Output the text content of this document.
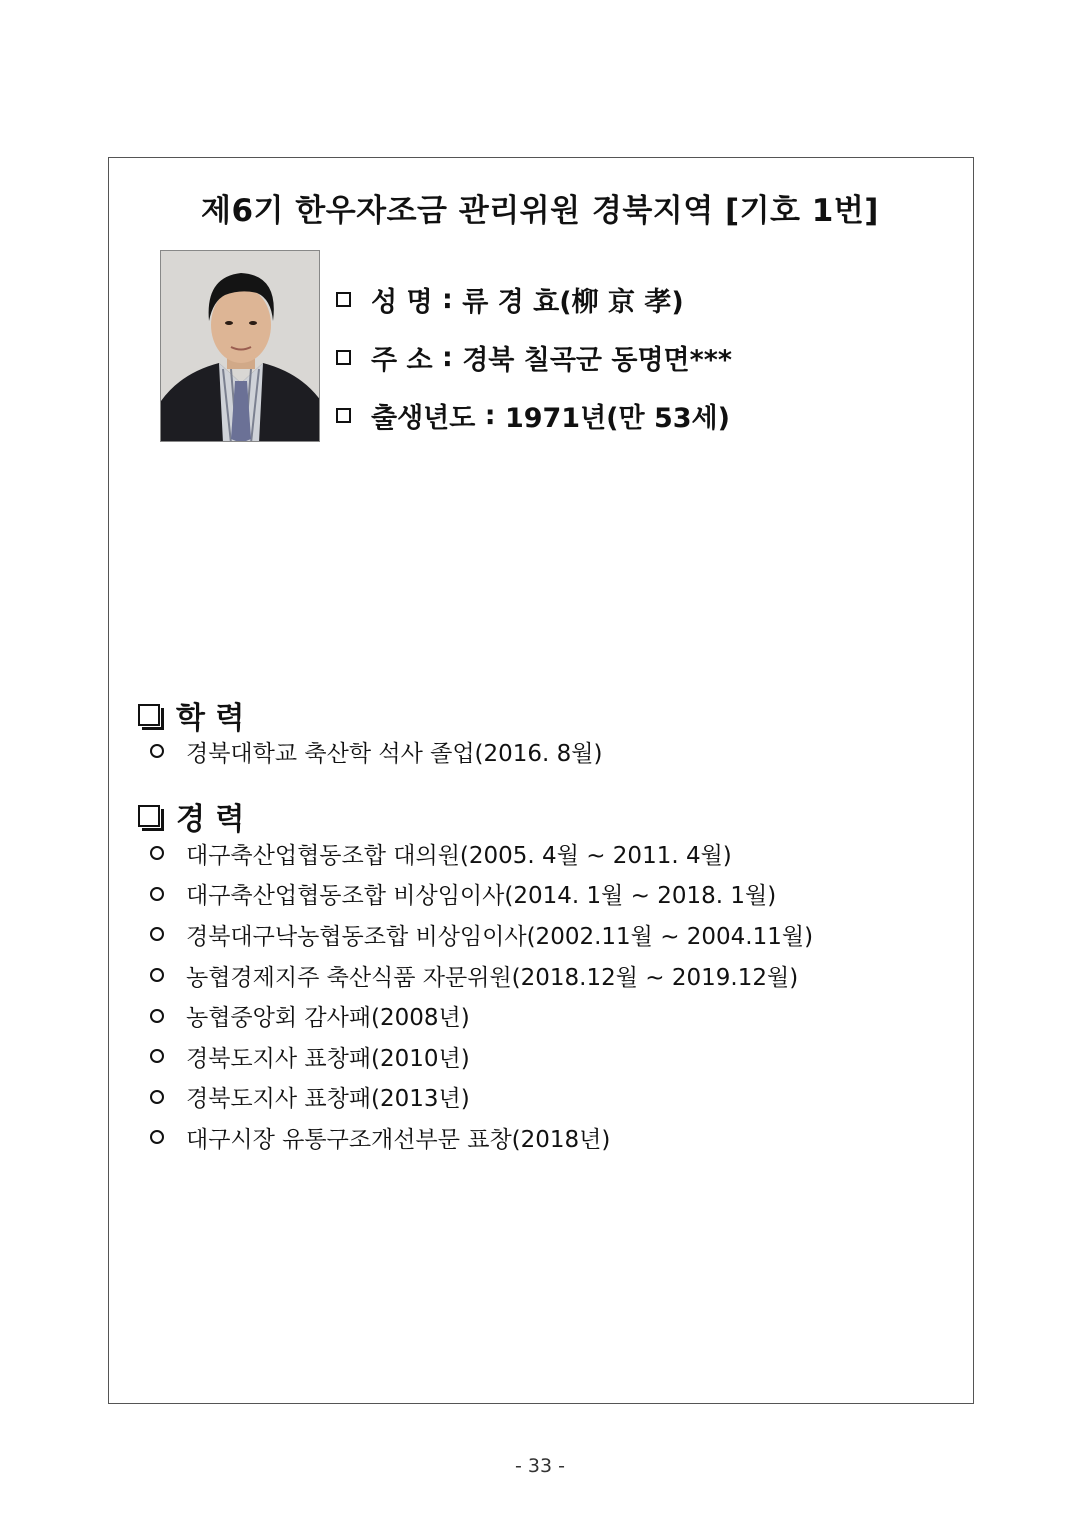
제6기 한우자조금 관리위원 경북지역 [기호 1번]
성 명 : 류 경 효(柳 京 孝)
주 소 : 경북 칠곡군 동명면***
출생년도 : 1971년(만 53세)
학 력
경북대학교 축산학 석사 졸업(2016. 8월)
경 력
대구축산업협동조합 대의원(2005. 4월 ~ 2011. 4월)
대구축산업협동조합 비상임이사(2014. 1월 ~ 2018. 1월)
경북대구낙농협동조합 비상임이사(2002.11월 ~ 2004.11월)
농협경제지주 축산식품 자문위원(2018.12월 ~ 2019.12월)
농협중앙회 감사패(2008년)
경북도지사 표창패(2010년)
경북도지사 표창패(2013년)
대구시장 유통구조개선부문 표창(2018년)
- 33 -
